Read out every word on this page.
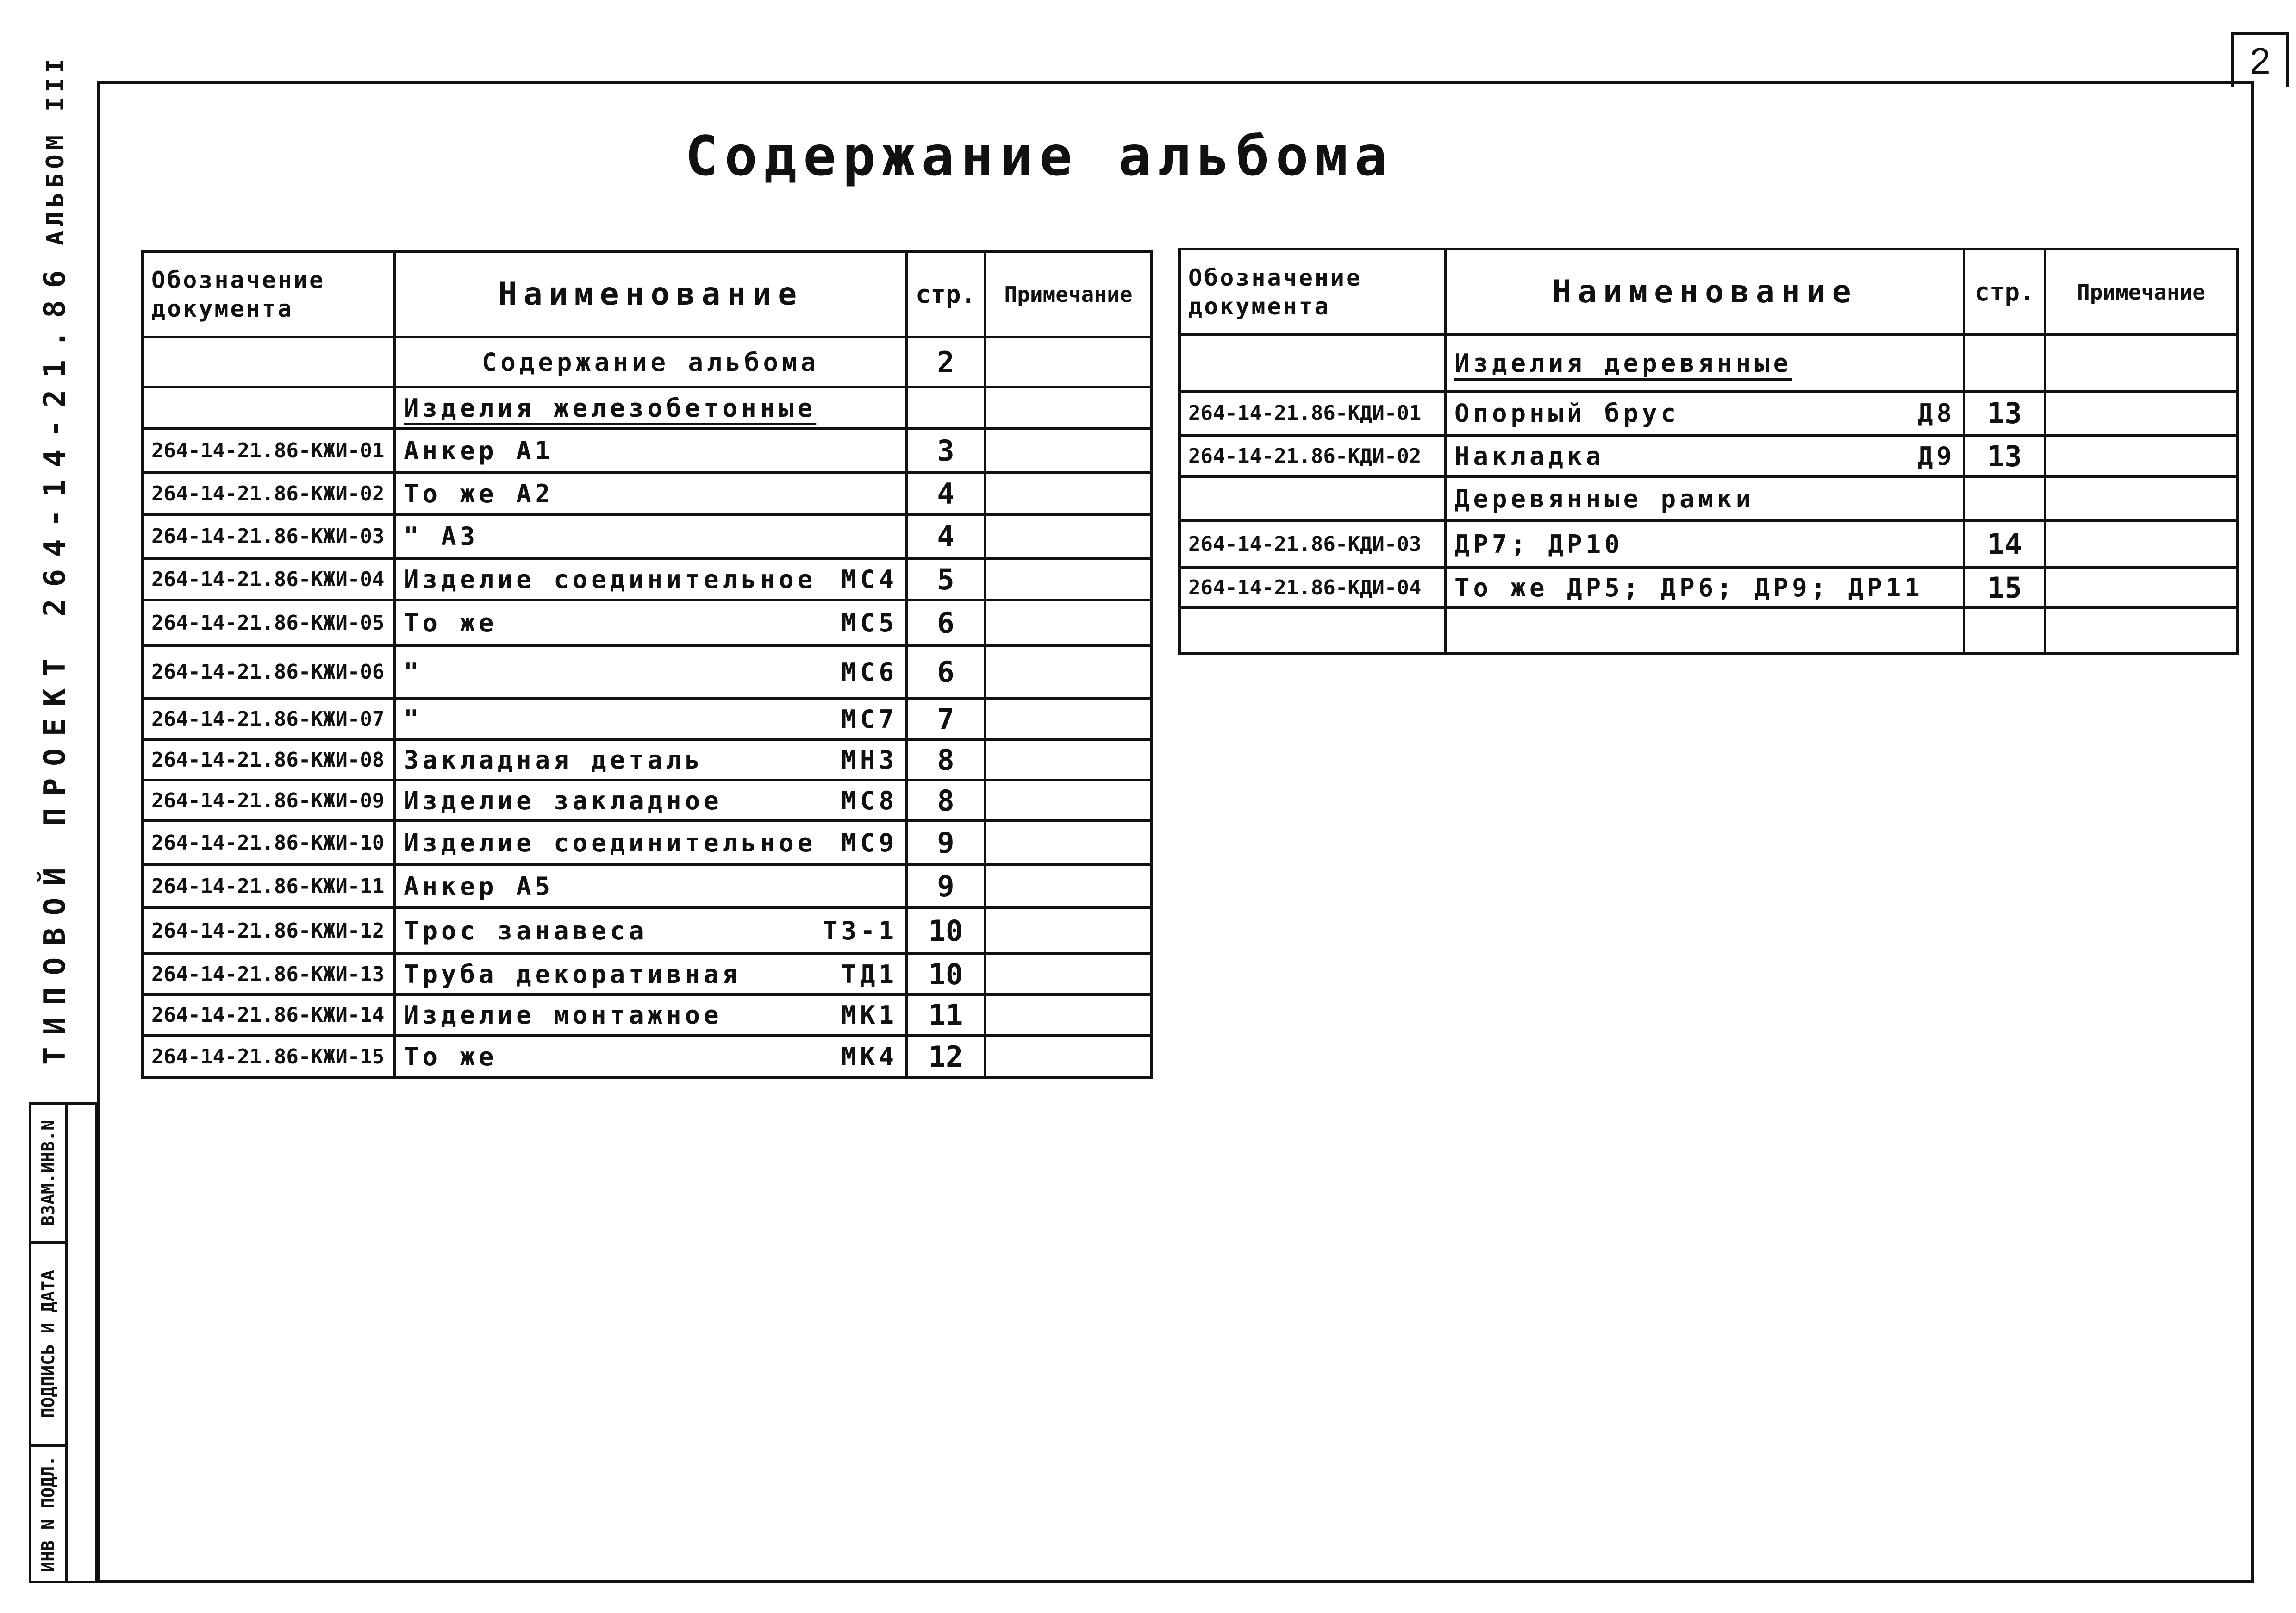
2
АЛЬБОМ III
ТИПОВОЙ ПРОЕКТ 264-14-21.86
ВЗАМ.ИНВ.N
ПОДПИСЬ И ДАТА
ИНВ N ПОДЛ.
Содержание альбома
Обозначение документа	Наименование	стр.	Примечание

	Содержание альбома	2	

	Изделия железобетонные		

264-14-21.86-КЖИ-01	Анкер А1	3	
264-14-21.86-КЖИ-02	То же А2	4	
264-14-21.86-КЖИ-03	" А3	4	
264-14-21.86-КЖИ-04	Изделие соединительное МС4	5	
264-14-21.86-КЖИ-05	То же МС5	6	
264-14-21.86-КЖИ-06	" МС6	6	
264-14-21.86-КЖИ-07	" МС7	7	
264-14-21.86-КЖИ-08	Закладная деталь МН3	8	
264-14-21.86-КЖИ-09	Изделие закладное МС8	8	
264-14-21.86-КЖИ-10	Изделие соединительное МС9	9	
264-14-21.86-КЖИ-11	Анкер А5	9	
264-14-21.86-КЖИ-12	Трос занавеса ТЗ-1	10	
264-14-21.86-КЖИ-13	Труба декоративная ТД1	10	
264-14-21.86-КЖИ-14	Изделие монтажное МК1	11	
264-14-21.86-КЖИ-15	То же МК4	12	
Обозначение документа	Наименование	стр.	Примечание

	Изделия деревянные		

264-14-21.86-КДИ-01	Опорный брус Д8	13	
264-14-21.86-КДИ-02	Накладка Д9	13	

	Деревянные рамки		

264-14-21.86-КДИ-03	ДР7; ДР10	14	
264-14-21.86-КДИ-04	То же ДР5; ДР6; ДР9; ДР11	15	
